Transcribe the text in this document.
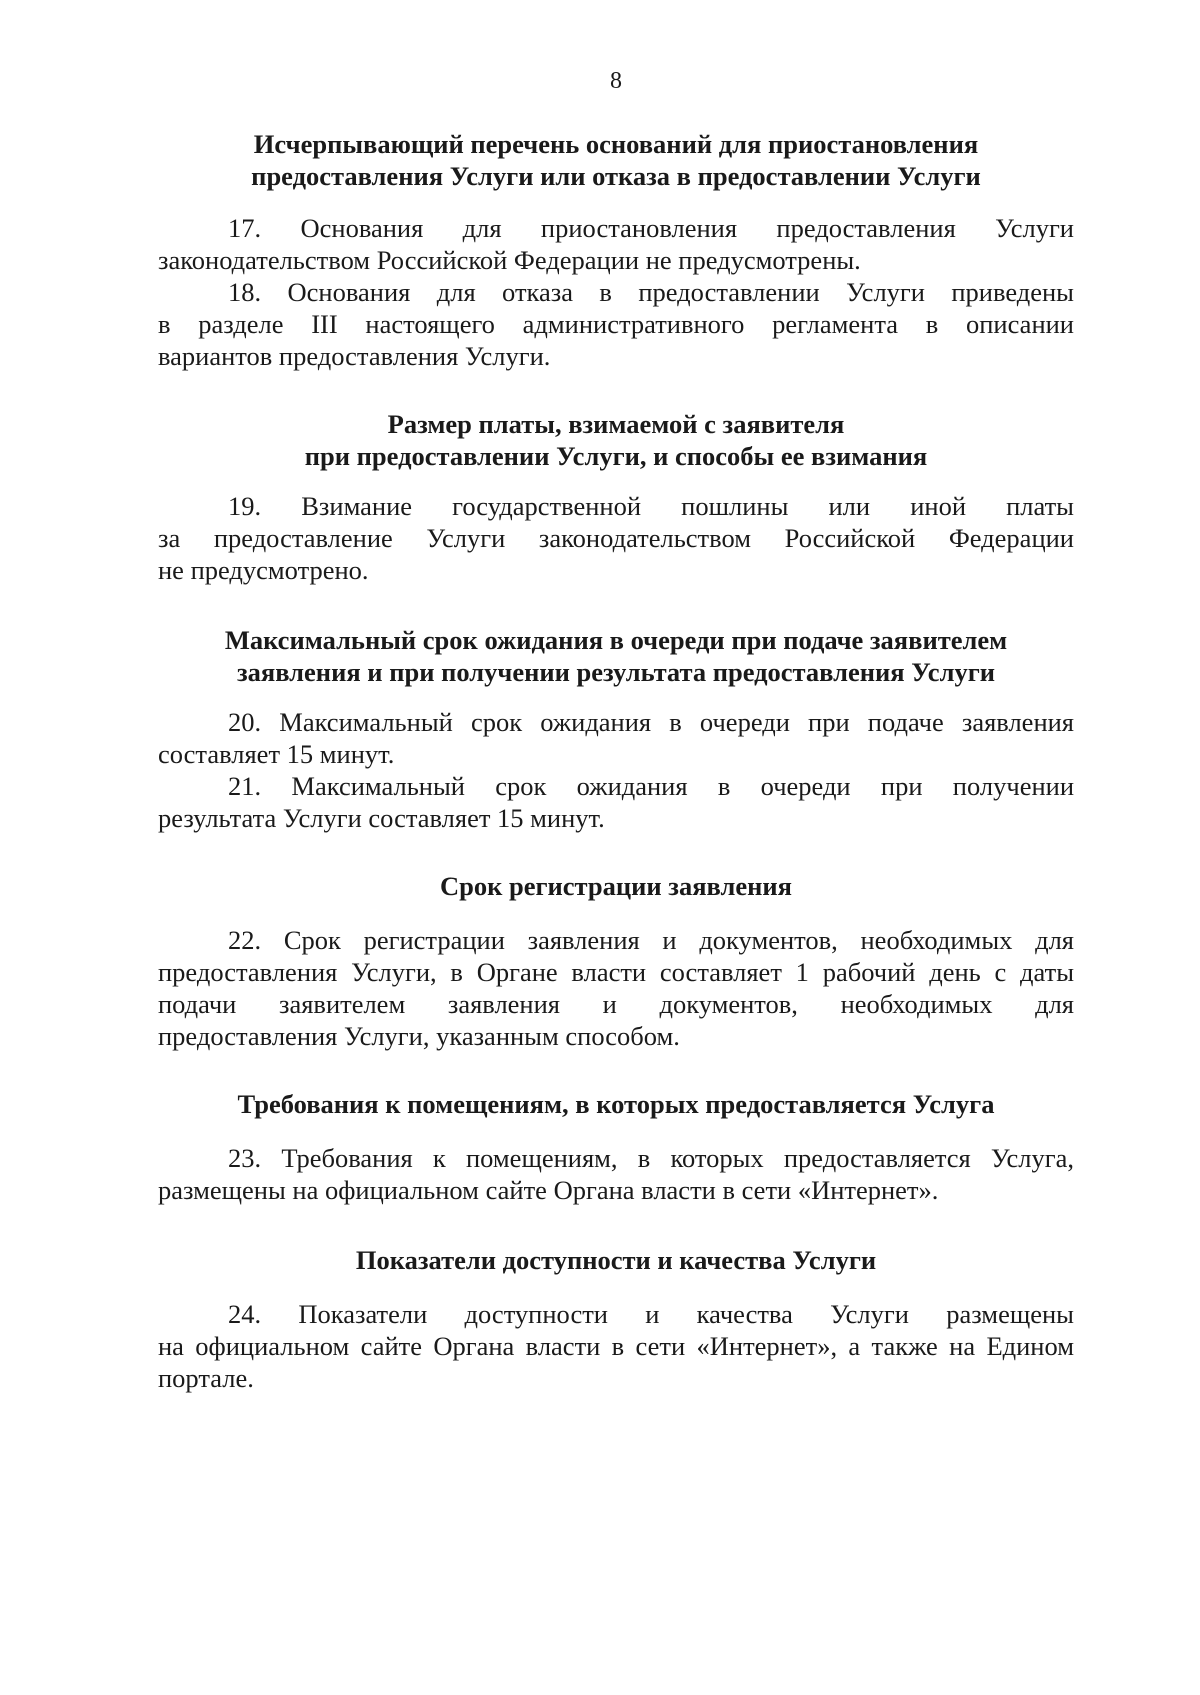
8
Исчерпывающий перечень оснований для приостановления
предоставления Услуги или отказа в предоставлении Услуги
17. Основания для приостановления предоставления Услуги
законодательством Российской Федерации не предусмотрены.
18. Основания для отказа в предоставлении Услуги приведены
в разделе III настоящего административного регламента в описании
вариантов предоставления Услуги.
Размер платы, взимаемой с заявителя
при предоставлении Услуги, и способы ее взимания
19. Взимание государственной пошлины или иной платы
за предоставление Услуги законодательством Российской Федерации
не предусмотрено.
Максимальный срок ожидания в очереди при подаче заявителем
заявления и при получении результата предоставления Услуги
20. Максимальный срок ожидания в очереди при подаче заявления
составляет 15 минут.
21. Максимальный срок ожидания в очереди при получении
результата Услуги составляет 15 минут.
Срок регистрации заявления
22. Срок регистрации заявления и документов, необходимых для
предоставления Услуги, в Органе власти составляет 1 рабочий день с даты
подачи заявителем заявления и документов, необходимых для
предоставления Услуги, указанным способом.
Требования к помещениям, в которых предоставляется Услуга
23. Требования к помещениям, в которых предоставляется Услуга,
размещены на официальном сайте Органа власти в сети «Интернет».
Показатели доступности и качества Услуги
24. Показатели доступности и качества Услуги размещены
на официальном сайте Органа власти в сети «Интернет», а также на Едином
портале.
